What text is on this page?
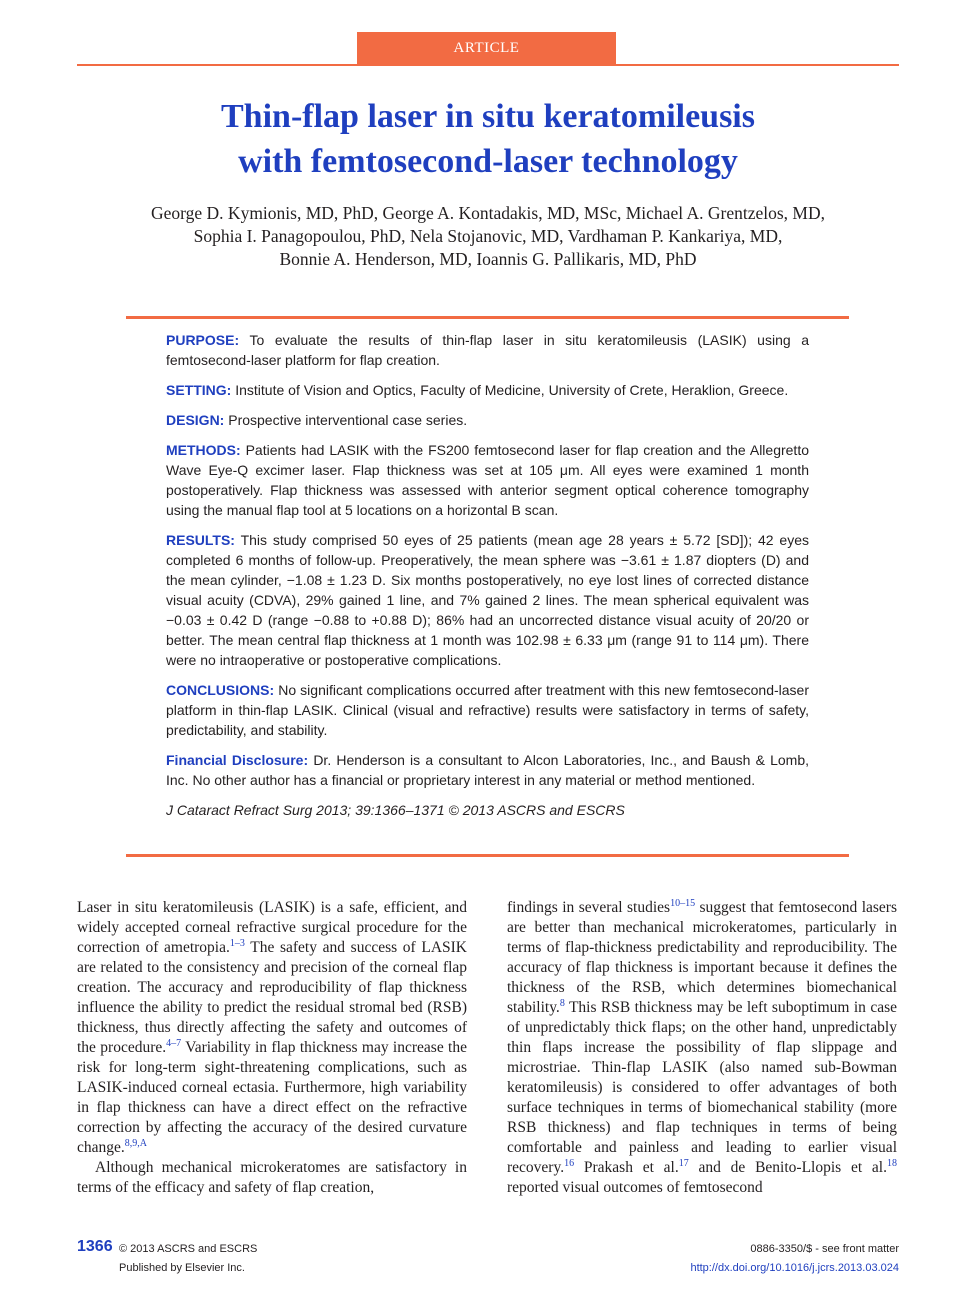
ARTICLE
Thin-flap laser in situ keratomileusis
with femtosecond-laser technology
George D. Kymionis, MD, PhD, George A. Kontadakis, MD, MSc, Michael A. Grentzelos, MD,
Sophia I. Panagopoulou, PhD, Nela Stojanovic, MD, Vardhaman P. Kankariya, MD,
Bonnie A. Henderson, MD, Ioannis G. Pallikaris, MD, PhD

PURPOSE: To evaluate the results of thin-flap laser in situ keratomileusis (LASIK) using a femtosecond-laser platform for flap creation.

SETTING: Institute of Vision and Optics, Faculty of Medicine, University of Crete, Heraklion, Greece.

DESIGN: Prospective interventional case series.

METHODS: Patients had LASIK with the FS200 femtosecond laser for flap creation and the Allegretto Wave Eye-Q excimer laser. Flap thickness was set at 105 μm. All eyes were examined 1 month postoperatively. Flap thickness was assessed with anterior segment optical coherence tomography using the manual flap tool at 5 locations on a horizontal B scan.

RESULTS: This study comprised 50 eyes of 25 patients (mean age 28 years ± 5.72 [SD]); 42 eyes completed 6 months of follow-up. Preoperatively, the mean sphere was −3.61 ± 1.87 diopters (D) and the mean cylinder, −1.08 ± 1.23 D. Six months postoperatively, no eye lost lines of corrected distance visual acuity (CDVA), 29% gained 1 line, and 7% gained 2 lines. The mean spherical equivalent was −0.03 ± 0.42 D (range −0.88 to +0.88 D); 86% had an uncorrected distance visual acuity of 20/20 or better. The mean central flap thickness at 1 month was 102.98 ± 6.33 μm (range 91 to 114 μm). There were no intraoperative or postoperative complications.

CONCLUSIONS: No significant complications occurred after treatment with this new femtosecond-laser platform in thin-flap LASIK. Clinical (visual and refractive) results were satisfactory in terms of safety, predictability, and stability.

Financial Disclosure: Dr. Henderson is a consultant to Alcon Laboratories, Inc., and Baush & Lomb, Inc. No other author has a financial or proprietary interest in any material or method mentioned.

J Cataract Refract Surg 2013; 39:1366–1371 © 2013 ASCRS and ESCRS

Laser in situ keratomileusis (LASIK) is a safe, efficient, and widely accepted corneal refractive surgical procedure for the correction of ametropia.$^{1-3}$ The safety and success of LASIK are related to the consistency and precision of the corneal flap creation. The accuracy and reproducibility of flap thickness influence the ability to predict the residual stromal bed (RSB) thickness, thus directly affecting the safety and outcomes of the procedure.$^{4-7}$ Variability in flap thickness may increase the risk for long-term sight-threatening complications, such as LASIK-induced corneal ectasia. Furthermore, high variability in flap thickness can have a direct effect on the refractive correction by affecting the accuracy of the desired curvature change.$^{8,9,A}$

Although mechanical microkeratomes are satisfactory in terms of the efficacy and safety of flap creation,

findings in several studies$^{10-15}$ suggest that femtosecond lasers are better than mechanical microkeratomes, particularly in terms of flap-thickness predictability and reproducibility. The accuracy of flap thickness is important because it defines the thickness of the RSB, which determines biomechanical stability.$^8$ This RSB thickness may be left suboptimum in case of unpredictably thick flaps; on the other hand, unpredictably thin flaps increase the possibility of flap slippage and microstriae. Thin-flap LASIK (also named sub-Bowman keratomileusis) is considered to offer advantages of both surface techniques in terms of biomechanical stability (more RSB thickness) and flap techniques in terms of being comfortable and painless and leading to earlier visual recovery.$^{16}$ Prakash et al.$^{17}$ and de Benito-Llopis et al.$^{18}$ reported visual outcomes of femtosecond

1366 © 2013 ASCRS and ESCRS
Published by Elsevier Inc.
0886-3350/$ - see front matter
http://dx.doi.org/10.1016/j.jcrs.2013.03.024
